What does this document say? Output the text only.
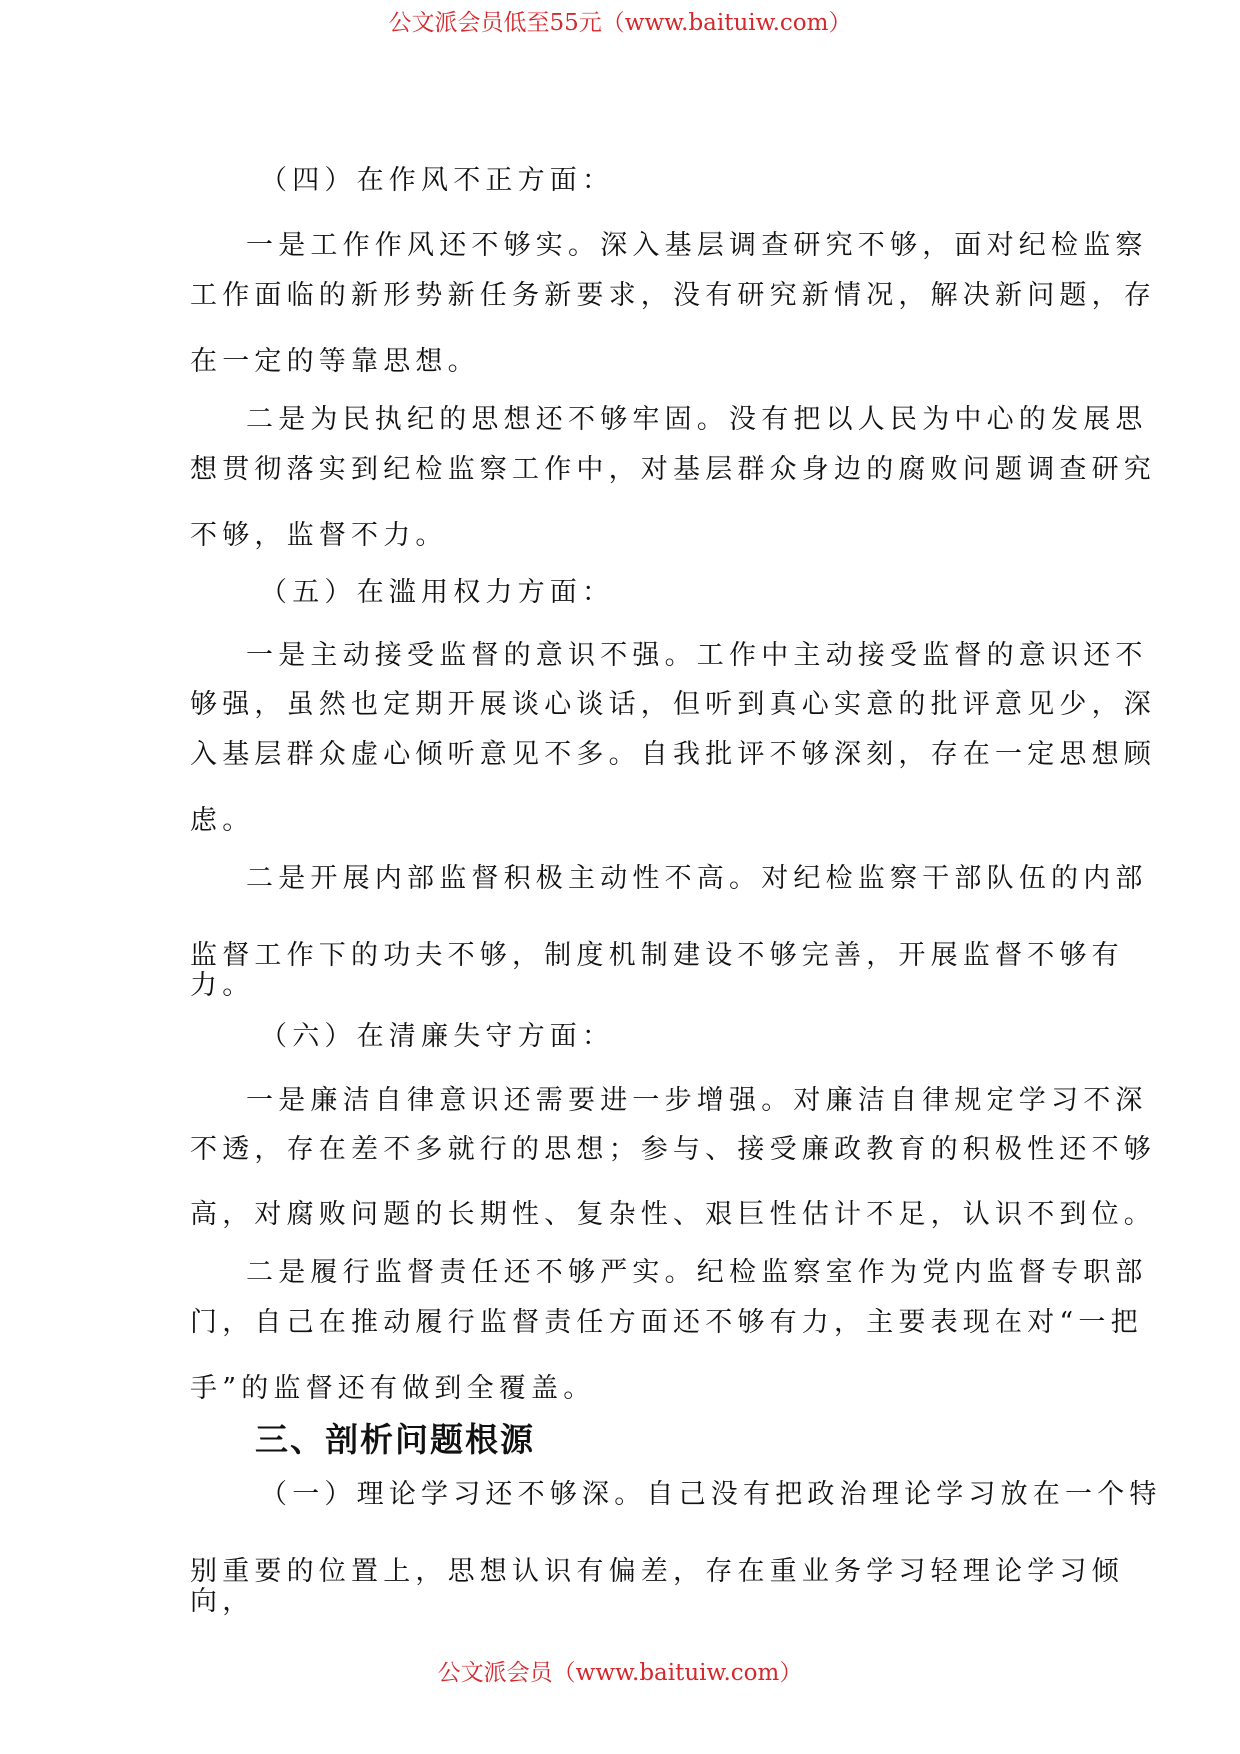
公文派会员低至55元（www.baituiw.com）
（四）在作风不正方面：
一是工作作风还不够实。深入基层调查研究不够，面对纪检监察
工作面临的新形势新任务新要求，没有研究新情况，解决新问题，存
在一定的等靠思想。
二是为民执纪的思想还不够牢固。没有把以人民为中心的发展思
想贯彻落实到纪检监察工作中，对基层群众身边的腐败问题调查研究
不够，监督不力。
（五）在滥用权力方面：
一是主动接受监督的意识不强。工作中主动接受监督的意识还不
够强，虽然也定期开展谈心谈话，但听到真心实意的批评意见少，深
入基层群众虚心倾听意见不多。自我批评不够深刻，存在一定思想顾
虑。
二是开展内部监督积极主动性不高。对纪检监察干部队伍的内部
监督工作下的功夫不够，制度机制建设不够完善，开展监督不够有
力。
（六）在清廉失守方面：
一是廉洁自律意识还需要进一步增强。对廉洁自律规定学习不深
不透，存在差不多就行的思想；参与、接受廉政教育的积极性还不够
高，对腐败问题的长期性、复杂性、艰巨性估计不足，认识不到位。
二是履行监督责任还不够严实。纪检监察室作为党内监督专职部
门，自己在推动履行监督责任方面还不够有力，主要表现在对“一把
手”的监督还有做到全覆盖。
三、剖析问题根源
（一）理论学习还不够深。自己没有把政治理论学习放在一个特
别重要的位置上，思想认识有偏差，存在重业务学习轻理论学习倾
向，
公文派会员（www.baituiw.com）
